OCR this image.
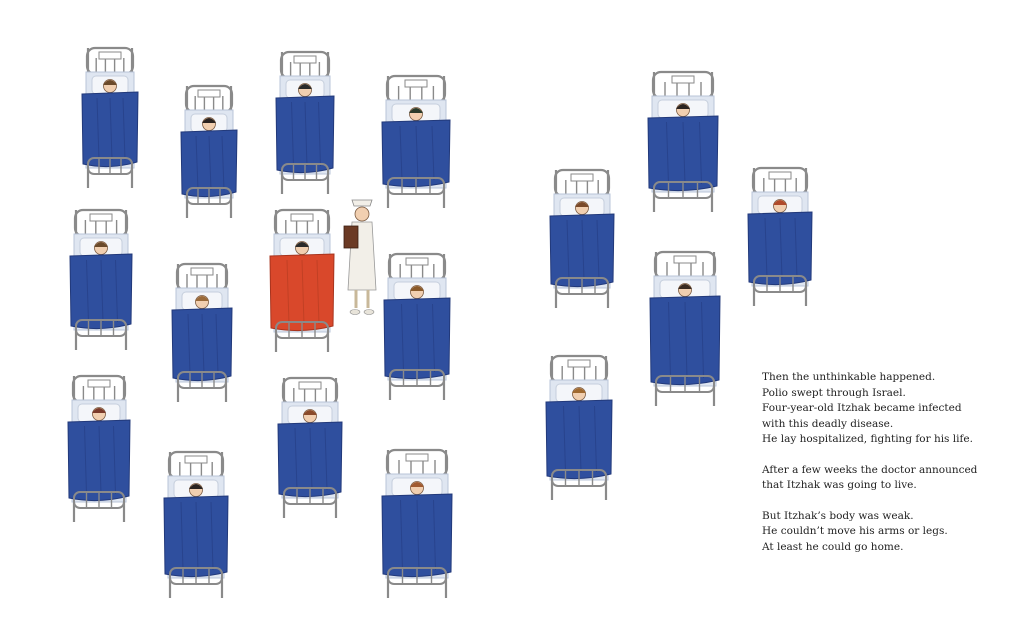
Then the unthinkable happened.
Polio swept through Israel.
Four-year-old Itzhak became infected
with this deadly disease.
He lay hospitalized, fighting for his life.

After a few weeks the doctor announced
that Itzhak was going to live.

But Itzhak’s body was weak.
He couldn’t move his arms or legs.
At least he could go home.
